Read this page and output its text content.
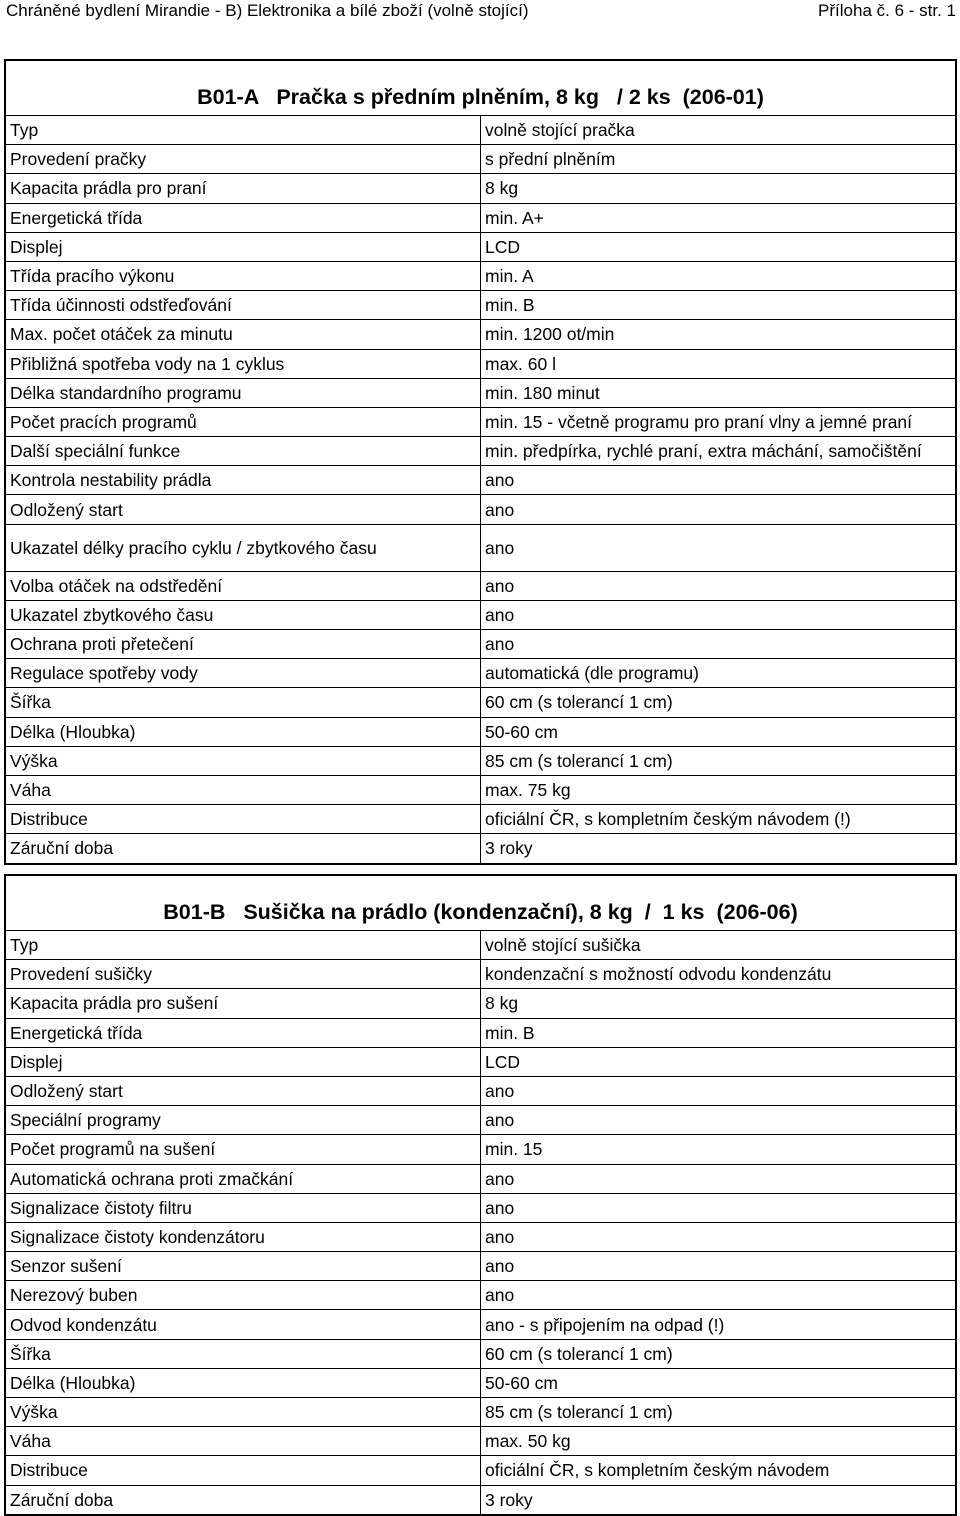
Chráněné bydlení Mirandie - B) Elektronika a bílé zboží (volně stojící)	Příloha č. 6 - str. 1
B01-A   Pračka s předním plněním, 8 kg   / 2 ks  (206-01)	
Typ	volně stojící pračka
Provedení pračky	s přední plněním
Kapacita prádla pro praní	8 kg
Energetická třída	min. A+
Displej	LCD
Třída pracího výkonu	min. A
Třída účinnosti odstřeďování	min. B
Max. počet otáček za minutu	min. 1200 ot/min
Přibližná spotřeba vody na 1 cyklus	max. 60 l
Délka standardního programu	min. 180 minut
Počet pracích programů	min. 15 - včetně programu pro praní vlny a jemné praní
Další speciální funkce	min. předpírka, rychlé praní, extra máchání, samočištění
Kontrola nestability prádla	ano
Odložený start	ano
Ukazatel délky pracího cyklu / zbytkového času	ano
Volba otáček na odstředění	ano
Ukazatel zbytkového času	ano
Ochrana proti přetečení	ano
Regulace spotřeby vody	automatická (dle programu)
Šířka	60 cm (s tolerancí 1 cm)
Délka (Hloubka)	50-60 cm
Výška	85 cm (s tolerancí 1 cm)
Váha	max. 75 kg
Distribuce	oficiální ČR, s kompletním českým návodem (!)
Záruční doba	3 roky
B01-B   Sušička na prádlo (kondenzační), 8 kg  /  1 ks  (206-06)	
Typ	volně stojící sušička
Provedení sušičky	kondenzační s možností odvodu kondenzátu
Kapacita prádla pro sušení	8 kg
Energetická třída	min. B
Displej	LCD
Odložený start	ano
Speciální programy	ano
Počet programů na sušení	min. 15
Automatická ochrana proti zmačkání	ano
Signalizace čistoty filtru	ano
Signalizace čistoty kondenzátoru	ano
Senzor sušení	ano
Nerezový buben	ano
Odvod kondenzátu	ano - s připojením na odpad (!)
Šířka	60 cm (s tolerancí 1 cm)
Délka (Hloubka)	50-60 cm
Výška	85 cm (s tolerancí 1 cm)
Váha	max. 50 kg
Distribuce	oficiální ČR, s kompletním českým návodem
Záruční doba	3 roky
